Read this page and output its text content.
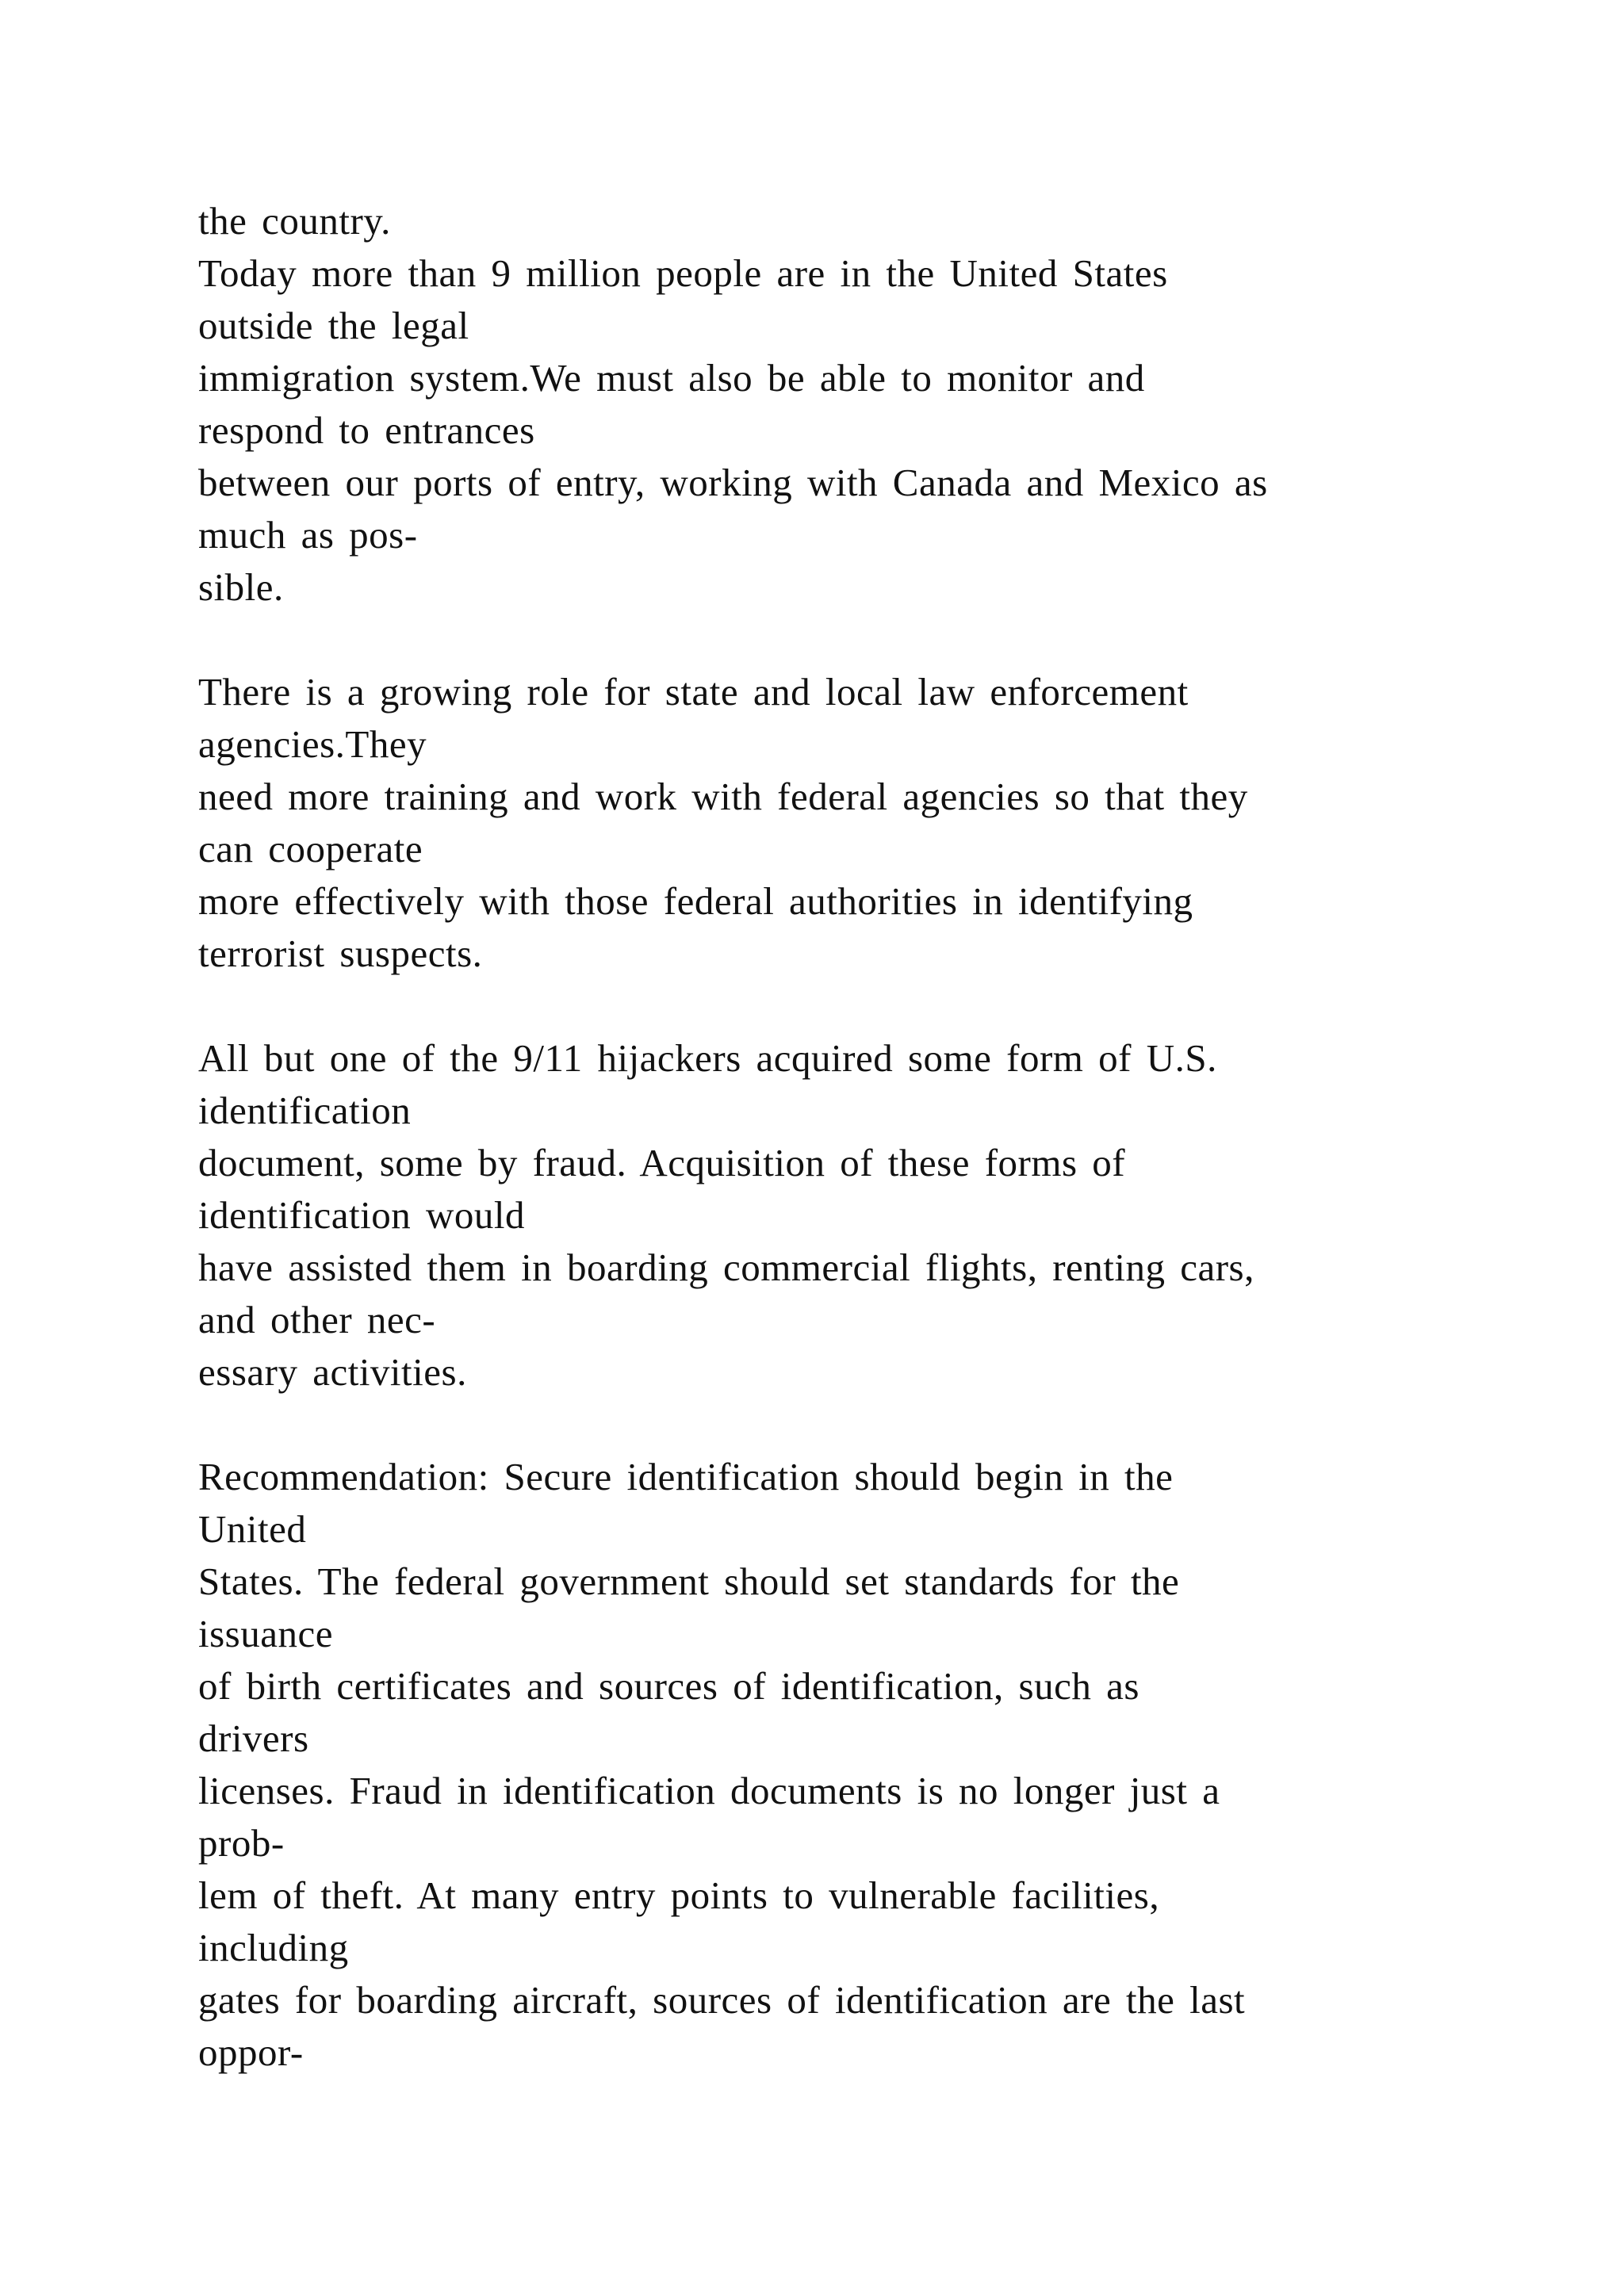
the country.
Today more than 9 million people are in the United States
outside the legal
immigration system.We must also be able to monitor and
respond to entrances
between our ports of entry, working with Canada and Mexico as
much as pos-
sible.
There is a growing role for state and local law enforcement
agencies.They
need more training and work with federal agencies so that they
can cooperate
more effectively with those federal authorities in identifying
terrorist suspects.
All but one of the 9/11 hijackers acquired some form of U.S.
identification
document, some by fraud. Acquisition of these forms of
identification would
have assisted them in boarding commercial flights, renting cars,
and other nec-
essary activities.
Recommendation: Secure identification should begin in the
United
States. The federal government should set standards for the
issuance
of birth certificates and sources of identification, such as
drivers
licenses. Fraud in identification documents is no longer just a
prob-
lem of theft. At many entry points to vulnerable facilities,
including
gates for boarding aircraft, sources of identification are the last
oppor-
